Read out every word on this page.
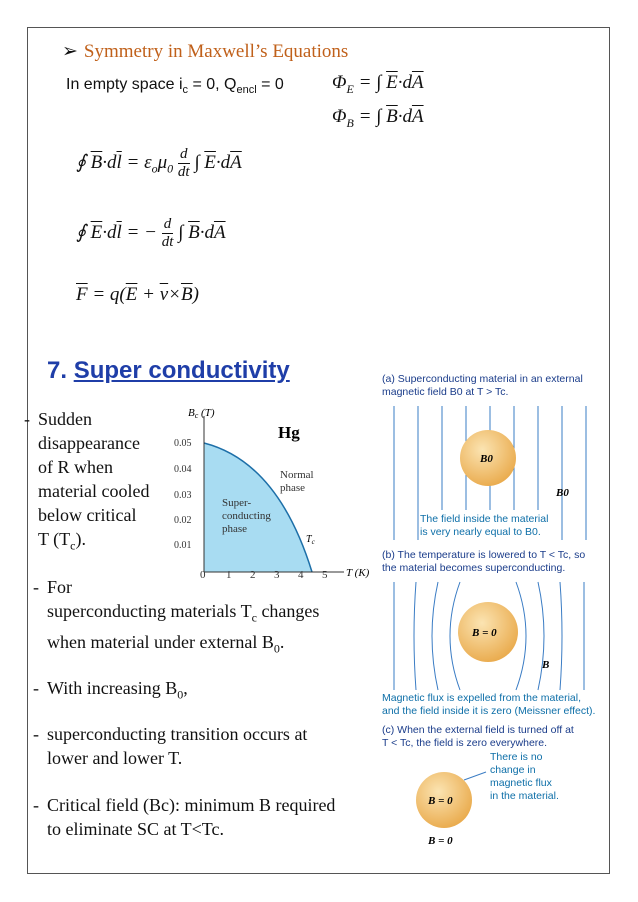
➢ Symmetry in Maxwell’s Equations
In empty space $i_c = 0$, $Q_{encl} = 0$	$\Phi_E$ = ∫ $\overline{E}\cdot d\overline{A}$
$\Phi_B$ = ∫ $\overline{B}\cdot d\overline{A}$
∮ $\overline{B}\cdot d\overline{l} = \varepsilon_o\mu_0 \frac{d}{dt}$ ∫ $\overline{E}\cdot d\overline{A}$
∮ $\overline{E}\cdot d\overline{l}$ = − $\frac{d}{dt}$ ∫ $\overline{B}\cdot d\overline{A}$
$\overline{F} = q(\overline{E} + \overline{v}\times\overline{B})$
7. Super conductivity
- Sudden
disappearance
of R when
material cooled
below critical
T $(T_c)$.
- For
superconducting materials $T_c$ changes
when material under external $B_0$.
- With increasing $B_0$,
- superconducting transition occurs at
lower and lower T.
- Critical field (Bc): minimum B required
to eliminate SC at T<Tc.
Bc (T)
Hg
Normal
phase
Super-
conducting
phase
$T_c$
T (K)
0.05
0.04
0.03
0.02
0.01
0 1 2 3 4 5
(a) Superconducting material in an external
magnetic field B0 at T > Tc.
B0
B0
The field inside the material
is very nearly equal to B0.
(b) The temperature is lowered to T < Tc, so
the material becomes superconducting.
B = 0
B
Magnetic flux is expelled from the material,
and the field inside it is zero (Meissner effect).
(c) When the external field is turned off at
T < Tc, the field is zero everywhere.
There is no
change in
magnetic flux
in the material.
B = 0
B = 0
